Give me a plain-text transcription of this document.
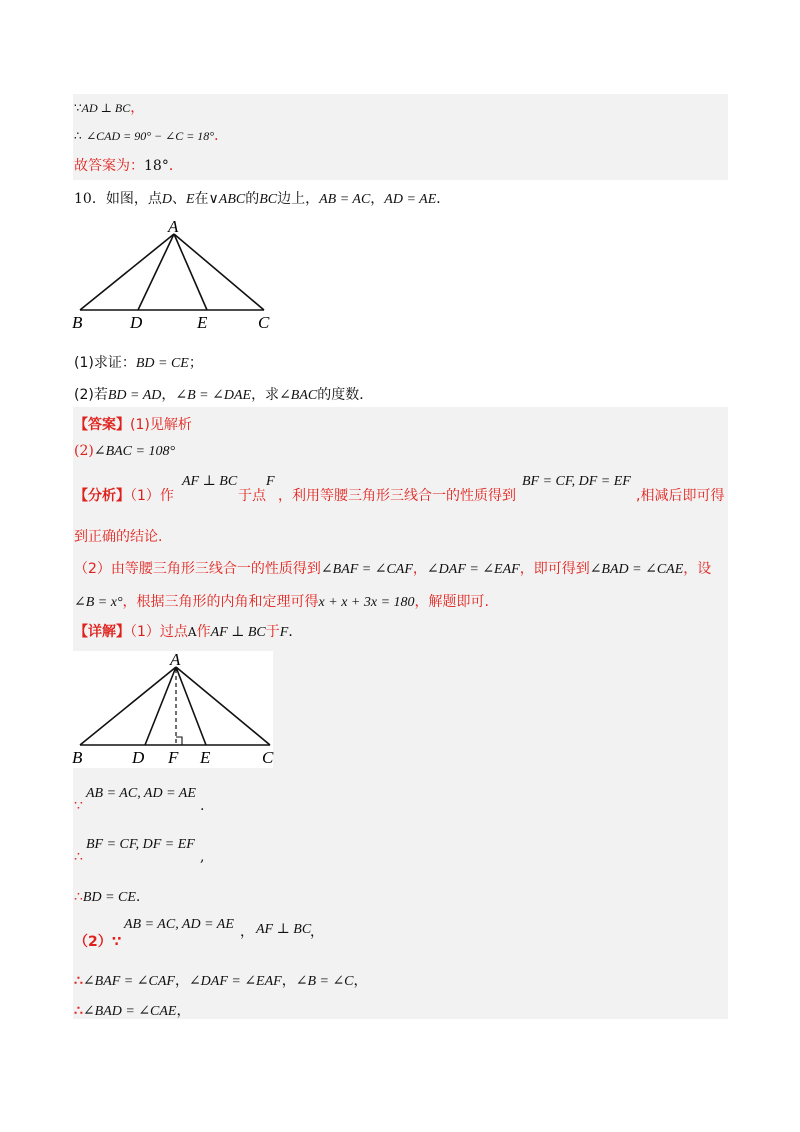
∵AD ⊥ BC，
∴ ∠CAD = 90° − ∠C = 18°．
故答案为：18°．
10．如图，点D、E在∨ABC的BC边上，AB = AC，AD = AE．
A
B	D	E	C
(1)求证：BD = CE；
(2)若BD = AD，∠B = ∠DAE，求∠BAC的度数．
【答案】(1)见解析
(2)∠BAC = 108°
【分析】（1）作
AF ⊥ BC
于点
F
，利用等腰三角形三线合一的性质得到
BF = CF, DF = EF
,相减后即可得
到正确的结论.
（2）由等腰三角形三线合一的性质得到∠BAF = ∠CAF，∠DAF = ∠EAF，即可得到∠BAD = ∠CAE，设
∠B = x°，根据三角形的内角和定理可得x + x + 3x = 180，解题即可.
【详解】（1）过点A作AF ⊥ BC于F．
A
B	D F E	C
∵
AB = AC, AD = AE
.
∴
BF = CF, DF = EF
,
∴BD = CE.
（2）∵
AB = AC, AD = AE ， AF ⊥ BC
，
∴∠BAF = ∠CAF，∠DAF = ∠EAF，∠B = ∠C，
∴∠BAD = ∠CAE，
